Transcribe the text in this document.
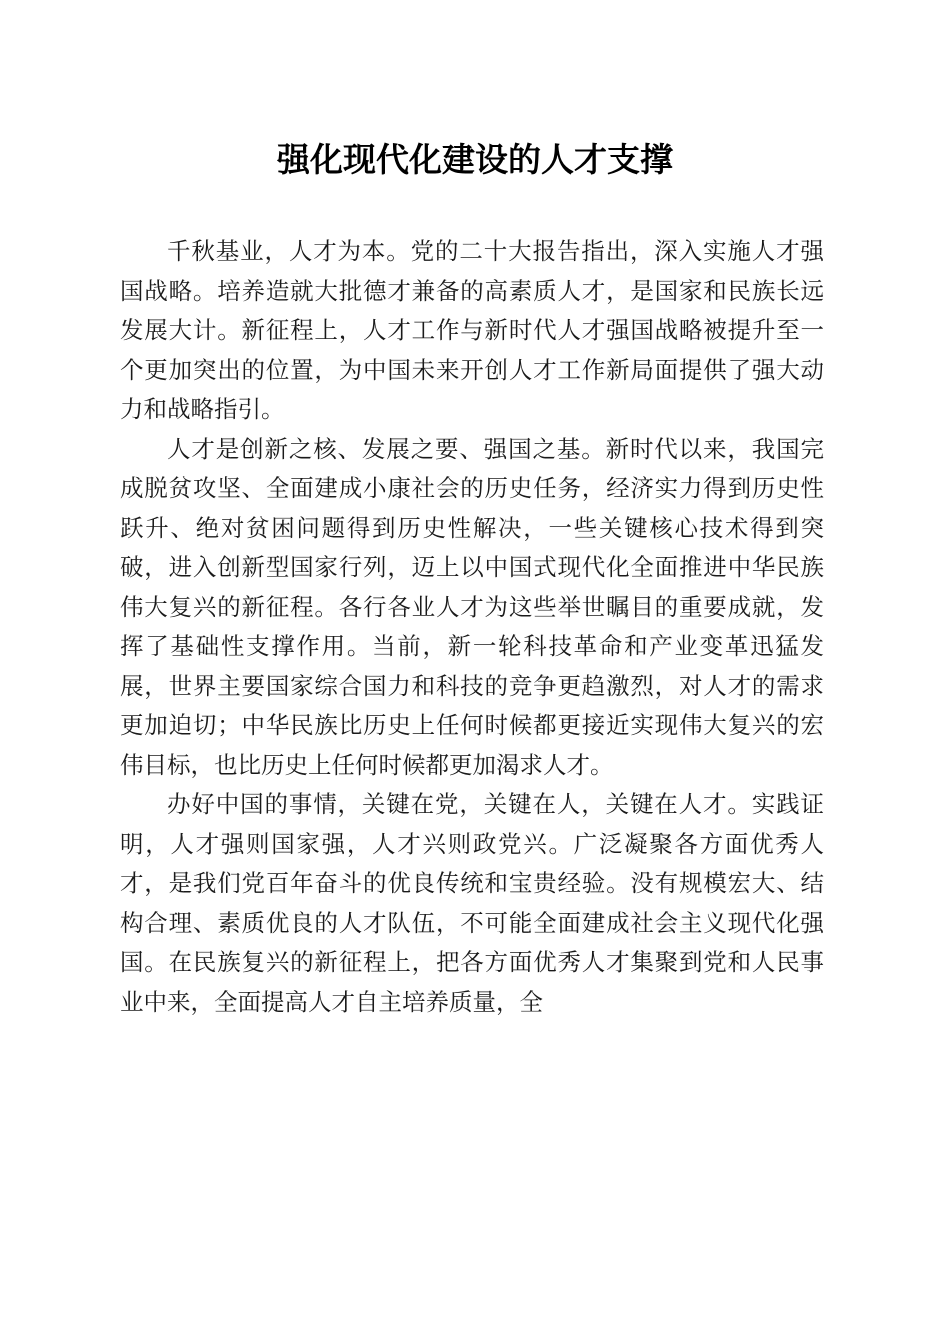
强化现代化建设的人才支撑

千秋基业，人才为本。党的二十大报告指出，深入实施人才强国战略。培养造就大批德才兼备的高素质人才，是国家和民族长远发展大计。新征程上，人才工作与新时代人才强国战略被提升至一个更加突出的位置，为中国未来开创人才工作新局面提供了强大动力和战略指引。

人才是创新之核、发展之要、强国之基。新时代以来，我国完成脱贫攻坚、全面建成小康社会的历史任务，经济实力得到历史性跃升、绝对贫困问题得到历史性解决，一些关键核心技术得到突破，进入创新型国家行列，迈上以中国式现代化全面推进中华民族伟大复兴的新征程。各行各业人才为这些举世瞩目的重要成就，发挥了基础性支撑作用。当前，新一轮科技革命和产业变革迅猛发展，世界主要国家综合国力和科技的竞争更趋激烈，对人才的需求更加迫切；中华民族比历史上任何时候都更接近实现伟大复兴的宏伟目标，也比历史上任何时候都更加渴求人才。

办好中国的事情，关键在党，关键在人，关键在人才。实践证明，人才强则国家强，人才兴则政党兴。广泛凝聚各方面优秀人才，是我们党百年奋斗的优良传统和宝贵经验。没有规模宏大、结构合理、素质优良的人才队伍，不可能全面建成社会主义现代化强国。在民族复兴的新征程上，把各方面优秀人才集聚到党和人民事业中来，全面提高人才自主培养质量，全
